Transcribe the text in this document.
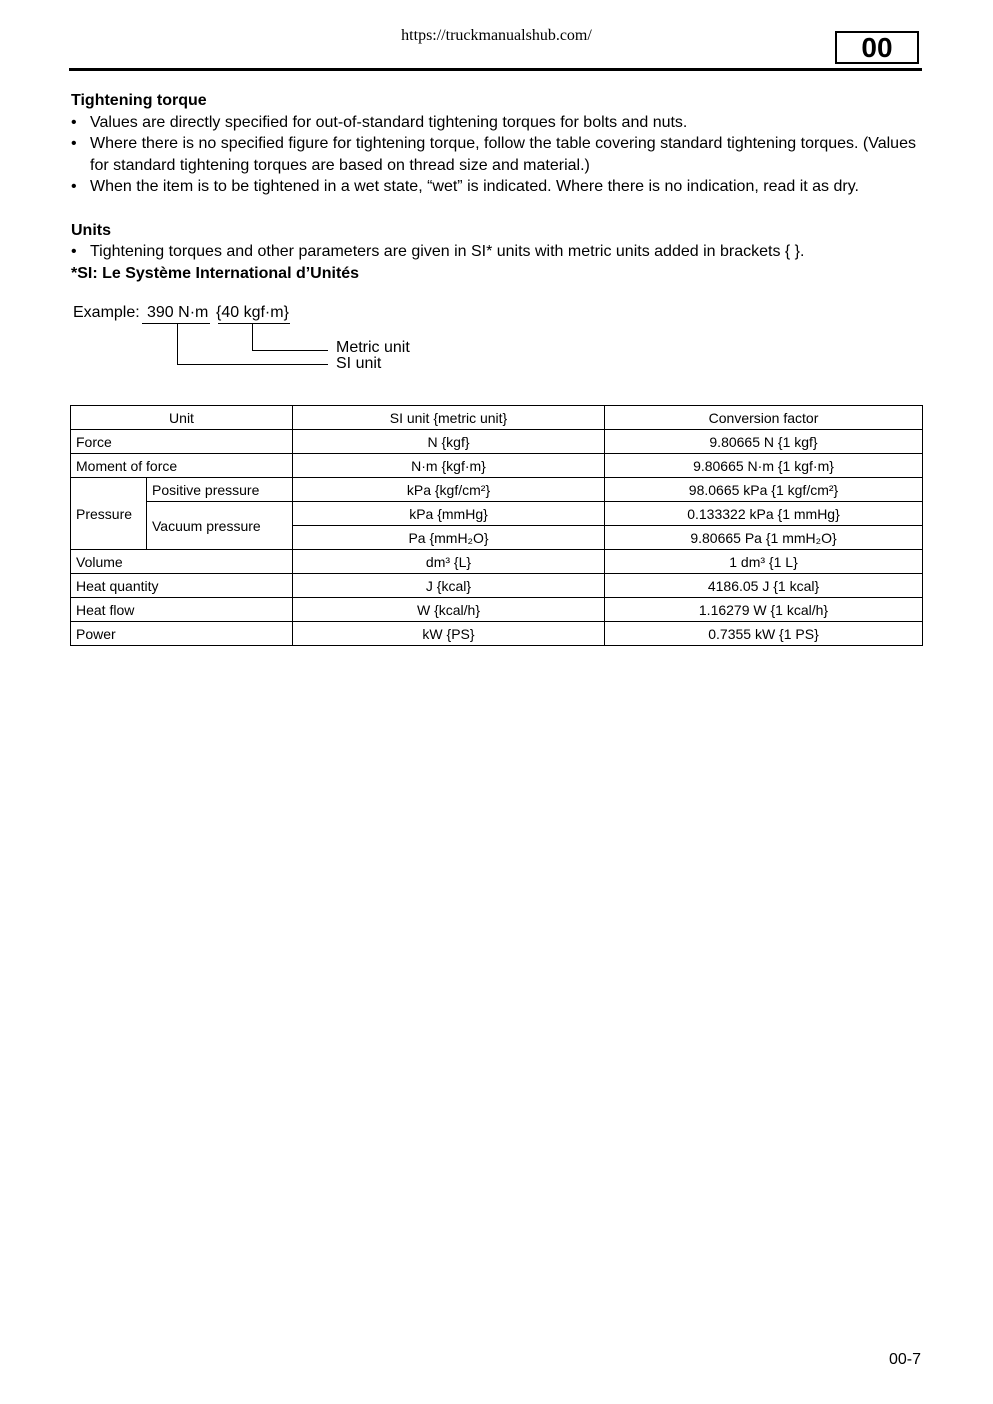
https://truckmanualshub.com/	00
Tightening torque
• Values are directly specified for out-of-standard tightening torques for bolts and nuts.
• Where there is no specified figure for tightening torque, follow the table covering standard tightening torques. (Values for standard tightening torques are based on thread size and material.)
• When the item is to be tightened in a wet state, “wet” is indicated. Where there is no indication, read it as dry.
Units
• Tightening torques and other parameters are given in SI* units with metric units added in brackets { }.
*SI: Le Système International d’Unités
Example: 390 N·m {40 kgf·m}
Metric unit
SI unit
Unit		SI unit {metric unit}	Conversion factor
Force		N {kgf}	9.80665 N {1 kgf}
Moment of force		N·m {kgf·m}	9.80665 N·m {1 kgf·m}
Pressure	Positive pressure	kPa {kgf/cm²}	98.0665 kPa {1 kgf/cm²}
	Vacuum pressure	kPa {mmHg}	0.133322 kPa {1 mmHg}
		Pa {mmH₂O}	9.80665 Pa {1 mmH₂O}
Volume		dm³ {L}	1 dm³ {1 L}
Heat quantity		J {kcal}	4186.05 J {1 kcal}
Heat flow		W {kcal/h}	1.16279 W {1 kcal/h}
Power		kW {PS}	0.7355 kW {1 PS}
00-7
